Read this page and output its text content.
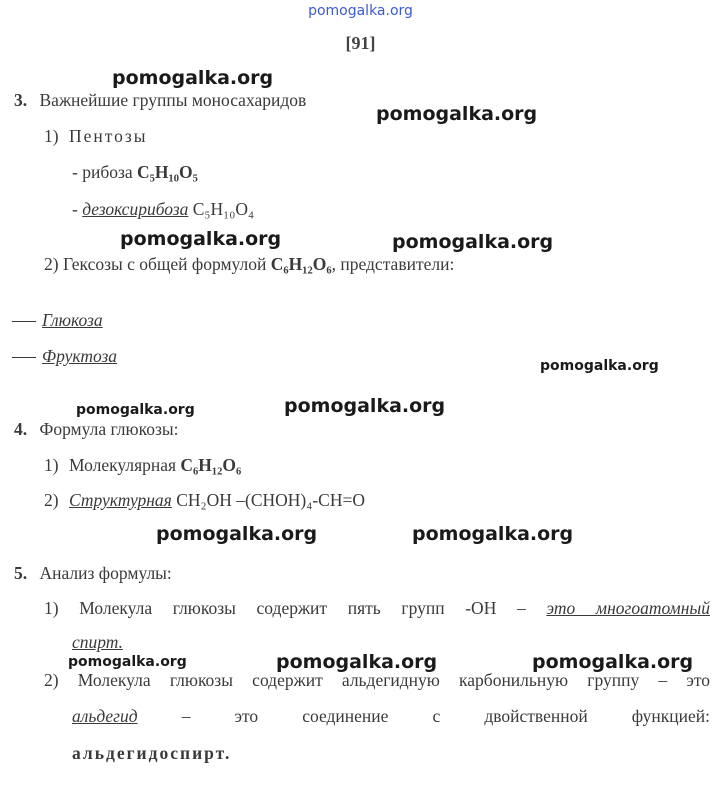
pomogalka.org
[91]
3. Важнейшие группы моносахаридов
1) Пентозы
- рибоза C₅H₁₀O₅
- дезоксирибоза C₅H₁₀O₄
2) Гексозы с общей формулой C₆H₁₂O₆, представители:
Глюкоза
Фруктоза
4. Формула глюкозы:
1) Молекулярная C₆H₁₂O₆
2) Структурная CH₂OH –(CHOH)₄-CH=O
5. Анализ формулы:
1) Молекула глюкозы содержит пять групп -OH – это многоатомный
спирт.
2) Молекула глюкозы содержит альдегидную карбонильную группу – это
альдегид	– это соединение с двойственной функцией:
альдегидоспирт.
pomogalka.org
pomogalka.org
pomogalka.org	pomogalka.org
pomogalka.org
pomogalka.org	pomogalka.org
pomogalka.org	pomogalka.org
pomogalka.org	pomogalka.org	pomogalka.org
